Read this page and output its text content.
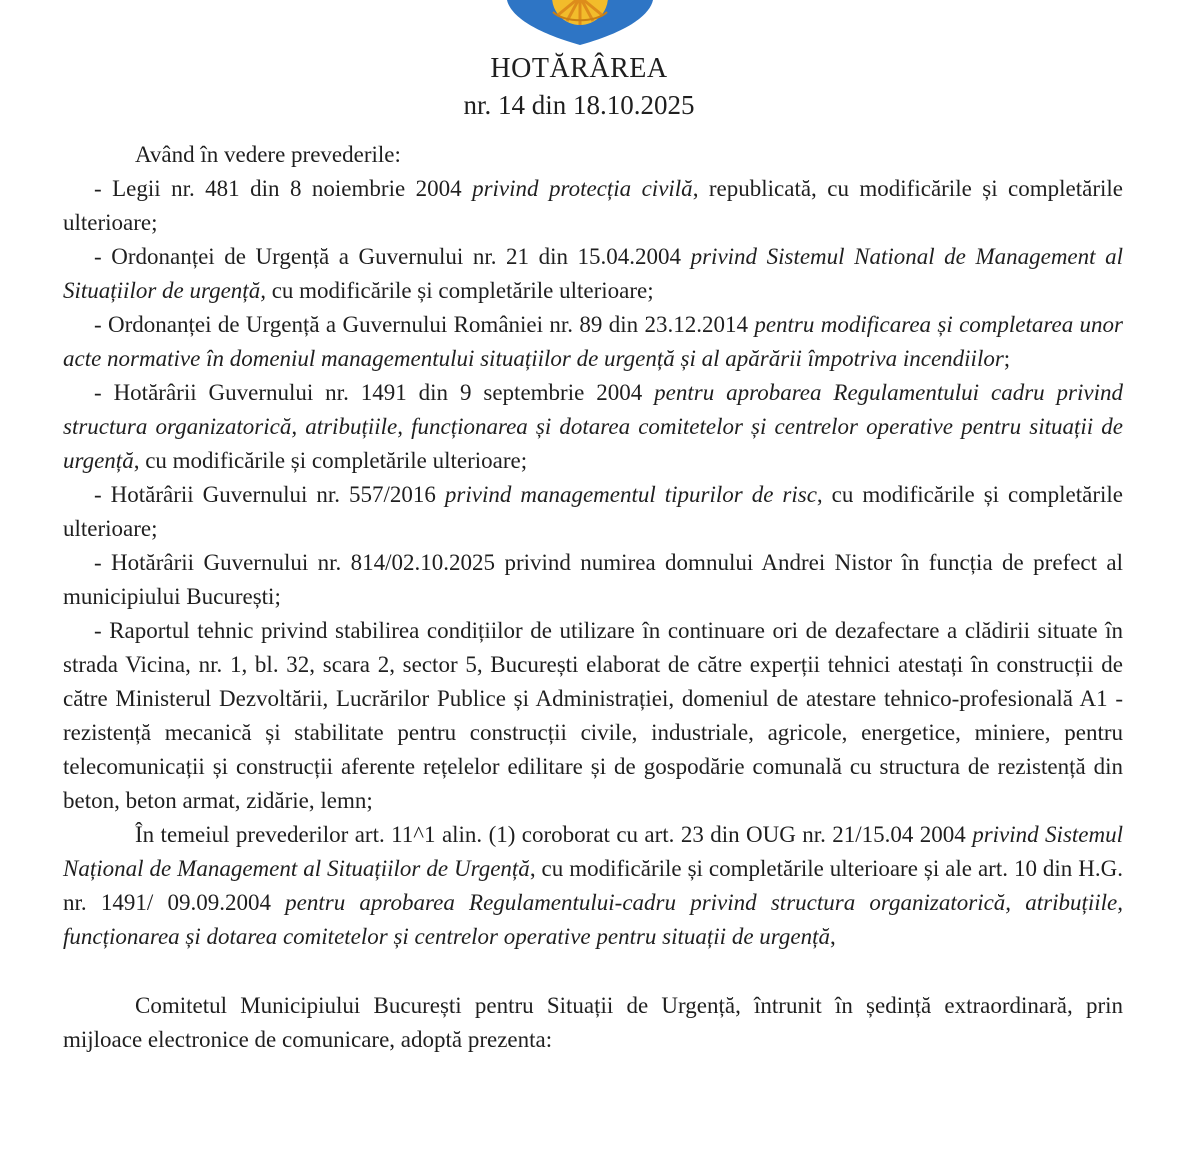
HOTĂRÂREA
nr. 14 din 18.10.2025

Având în vedere prevederile:

- Legii nr. 481 din 8 noiembrie 2004 privind protecția civilă, republicată, cu modificările și completările ulterioare;

- Ordonanței de Urgență a Guvernului nr. 21 din 15.04.2004 privind Sistemul National de Management al Situațiilor de urgență, cu modificările și completările ulterioare;

- Ordonanței de Urgență a Guvernului României nr. 89 din 23.12.2014 pentru modificarea și completarea unor acte normative în domeniul managementului situațiilor de urgență și al apărării împotriva incendiilor;

- Hotărârii Guvernului nr. 1491 din 9 septembrie 2004 pentru aprobarea Regulamentului cadru privind structura organizatorică, atribuțiile, funcționarea și dotarea comitetelor și centrelor operative pentru situații de urgență, cu modificările și completările ulterioare;

- Hotărârii Guvernului nr. 557/2016 privind managementul tipurilor de risc, cu modificările și completările ulterioare;

- Hotărârii Guvernului nr. 814/02.10.2025 privind numirea domnului Andrei Nistor în funcția de prefect al municipiului București;

- Raportul tehnic privind stabilirea condițiilor de utilizare în continuare ori de dezafectare a clădirii situate în strada Vicina, nr. 1, bl. 32, scara 2, sector 5, București elaborat de către experții tehnici atestați în construcții de către Ministerul Dezvoltării, Lucrărilor Publice și Administrației, domeniul de atestare tehnico-profesională A1 - rezistență mecanică și stabilitate pentru construcții civile, industriale, agricole, energetice, miniere, pentru telecomunicații și construcții aferente rețelelor edilitare și de gospodărie comunală cu structura de rezistență din beton, beton armat, zidărie, lemn;

În temeiul prevederilor art. 11^1 alin. (1) coroborat cu art. 23 din OUG nr. 21/15.04 2004 privind Sistemul Național de Management al Situațiilor de Urgență, cu modificările și completările ulterioare și ale art. 10 din H.G. nr. 1491/ 09.09.2004 pentru aprobarea Regulamentului-cadru privind structura organizatorică, atribuțiile, funcționarea și dotarea comitetelor și centrelor operative pentru situații de urgență,

Comitetul Municipiului București pentru Situații de Urgență, întrunit în ședință extraordinară, prin mijloace electronice de comunicare, adoptă prezenta:
